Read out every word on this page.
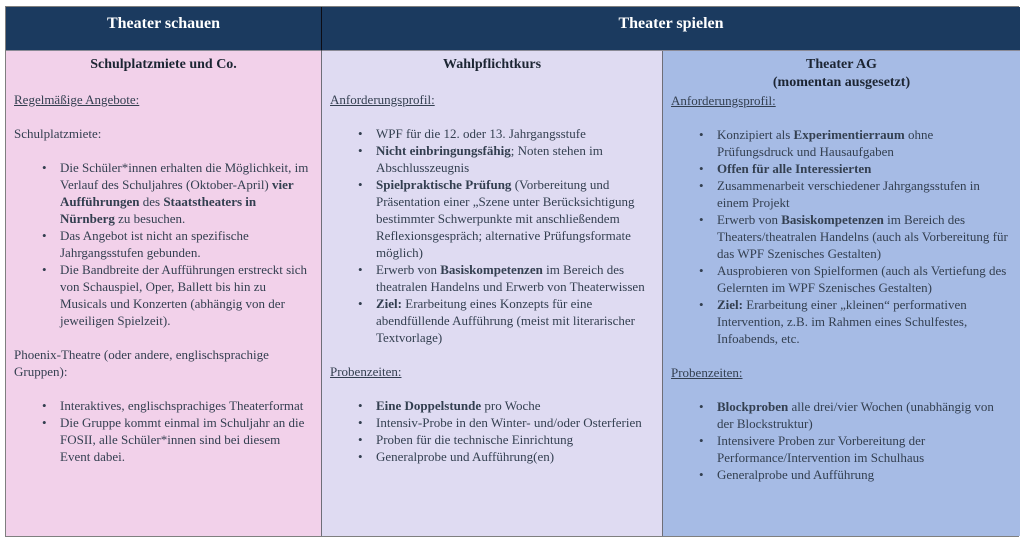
Theater schauen	Theater spielen
Schulplatzmiete und Co.
Regelmäßige Angebote:
Schulplatzmiete:
• Die Schüler*innen erhalten die Möglichkeit, im Verlauf des Schuljahres (Oktober-April) vier Aufführungen des Staatstheaters in Nürnberg zu besuchen.
• Das Angebot ist nicht an spezifische Jahrgangsstufen gebunden.
• Die Bandbreite der Aufführungen erstreckt sich von Schauspiel, Oper, Ballett bis hin zu Musicals und Konzerten (abhängig von der jeweiligen Spielzeit).
Phoenix-Theatre (oder andere, englischsprachige Gruppen):
• Interaktives, englischsprachiges Theaterformat
• Die Gruppe kommt einmal im Schuljahr an die FOSII, alle Schüler*innen sind bei diesem Event dabei.
Wahlpflichtkurs
Anforderungsprofil:
• WPF für die 12. oder 13. Jahrgangsstufe
• Nicht einbringungsfähig; Noten stehen im Abschlusszeugnis
• Spielpraktische Prüfung (Vorbereitung und Präsentation einer „Szene unter Berücksichtigung bestimmter Schwerpunkte mit anschließendem Reflexionsgespräch; alternative Prüfungsformate möglich)
• Erwerb von Basiskompetenzen im Bereich des theatralen Handelns und Erwerb von Theaterwissen
• Ziel: Erarbeitung eines Konzepts für eine abendfüllende Aufführung (meist mit literarischer Textvorlage)
Probenzeiten:
• Eine Doppelstunde pro Woche
• Intensiv-Probe in den Winter- und/oder Osterferien
• Proben für die technische Einrichtung
• Generalprobe und Aufführung(en)
Theater AG
(momentan ausgesetzt)
Anforderungsprofil:
• Konzipiert als Experimentierraum ohne Prüfungsdruck und Hausaufgaben
• Offen für alle Interessierten
• Zusammenarbeit verschiedener Jahrgangsstufen in einem Projekt
• Erwerb von Basiskompetenzen im Bereich des Theaters/theatralen Handelns (auch als Vorbereitung für das WPF Szenisches Gestalten)
• Ausprobieren von Spielformen (auch als Vertiefung des Gelernten im WPF Szenisches Gestalten)
• Ziel: Erarbeitung einer „kleinen“ performativen Intervention, z.B. im Rahmen eines Schulfestes, Infoabends, etc.
Probenzeiten:
• Blockproben alle drei/vier Wochen (unabhängig von der Blockstruktur)
• Intensivere Proben zur Vorbereitung der Performance/Intervention im Schulhaus
• Generalprobe und Aufführung
